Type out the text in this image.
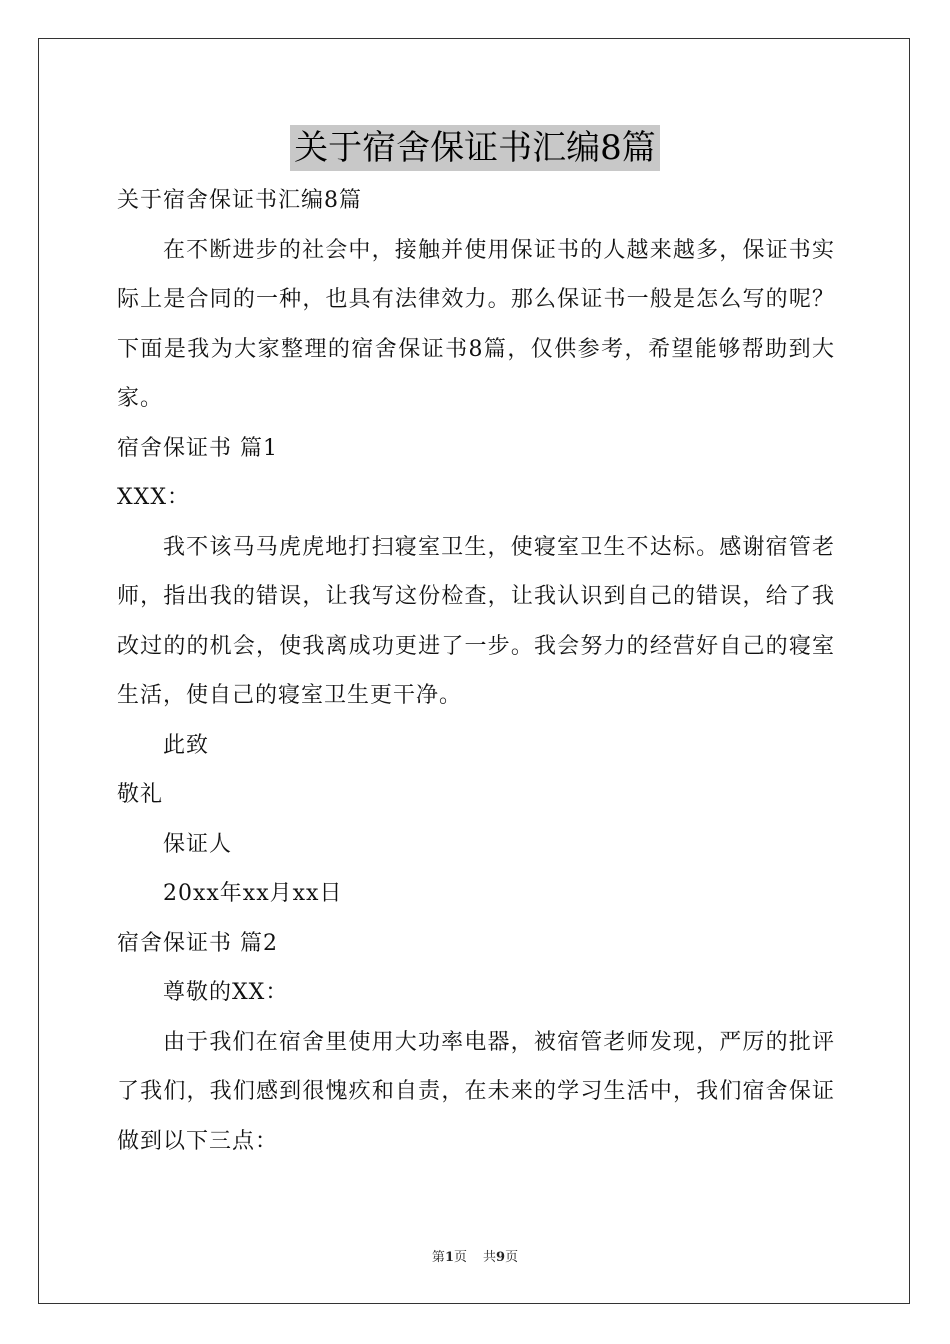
关于宿舍保证书汇编8篇

关于宿舍保证书汇编8篇

在不断进步的社会中，接触并使用保证书的人越来越多，保证书实际上是合同的一种，也具有法律效力。那么保证书一般是怎么写的呢？下面是我为大家整理的宿舍保证书8篇，仅供参考，希望能够帮助到大家。

宿舍保证书 篇1

XXX：

我不该马马虎虎地打扫寝室卫生，使寝室卫生不达标。感谢宿管老师，指出我的错误，让我写这份检查，让我认识到自己的错误，给了我改过的的机会，使我离成功更进了一步。我会努力的经营好自己的寝室生活，使自己的寝室卫生更干净。

此致

敬礼

保证人

20xx年xx月xx日

宿舍保证书 篇2

尊敬的XX：

由于我们在宿舍里使用大功率电器，被宿管老师发现，严厉的批评了我们，我们感到很愧疚和自责，在未来的学习生活中，我们宿舍保证做到以下三点：

第1页 共9页
